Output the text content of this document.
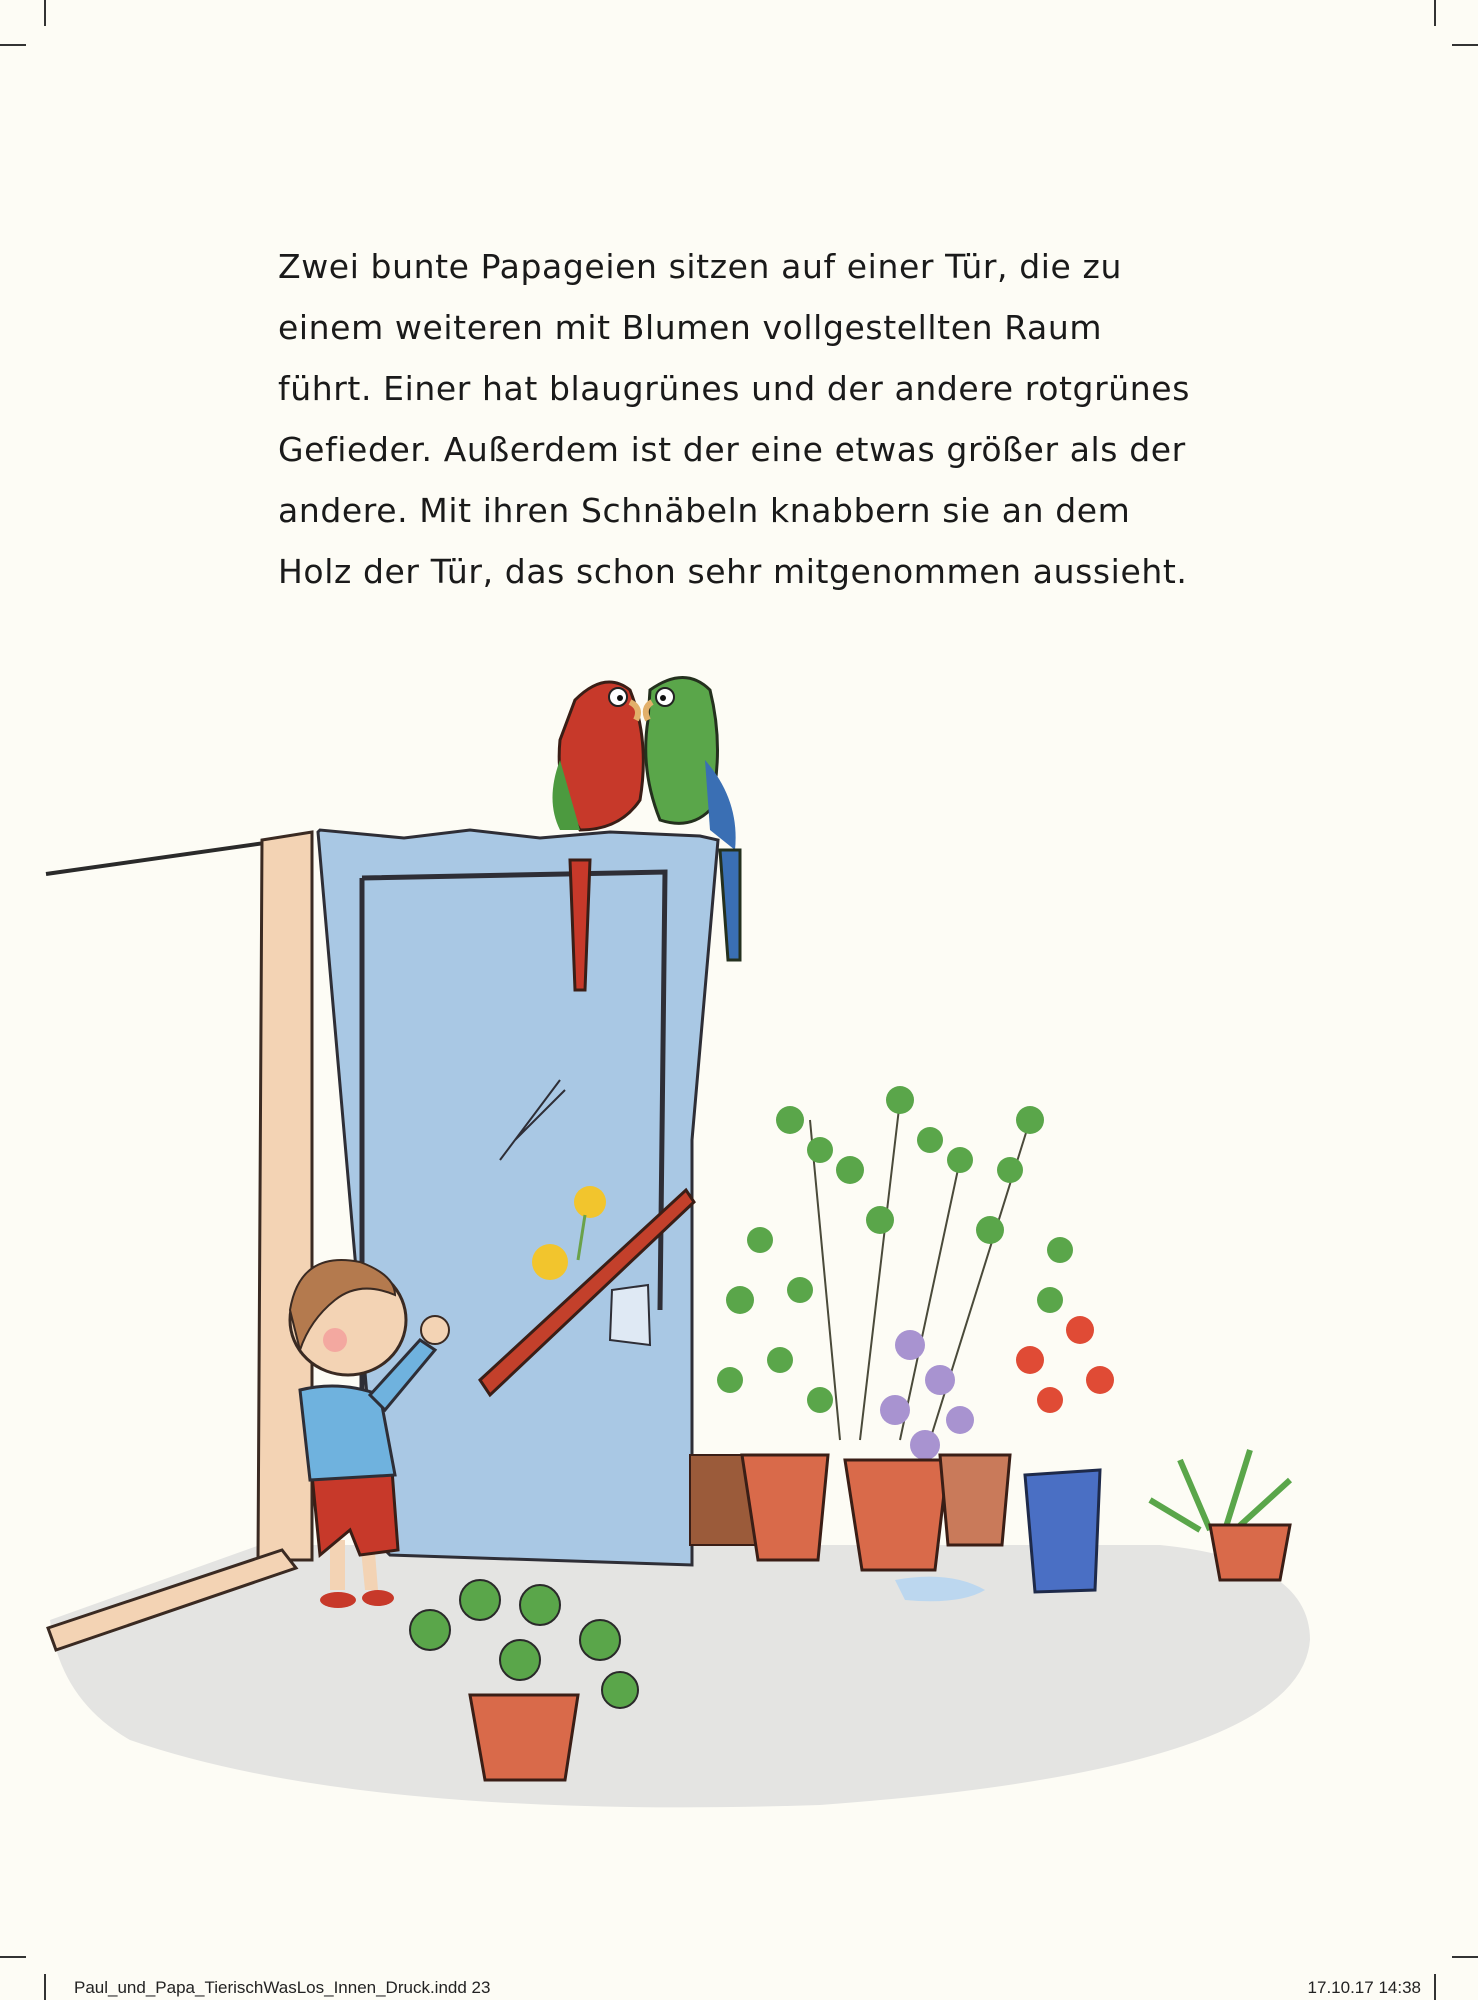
Zwei bunte Papageien sitzen auf einer Tür, die zu
einem weiteren mit Blumen vollgestellten Raum
führt. Einer hat blaugrünes und der andere rotgrünes
Gefieder. Außerdem ist der eine etwas größer als der
andere. Mit ihren Schnäbeln knabbern sie an dem
Holz der Tür, das schon sehr mitgenommen aussieht.

Paul_und_Papa_TierischWasLos_Innen_Druck.indd 23	17.10.17 14:38
